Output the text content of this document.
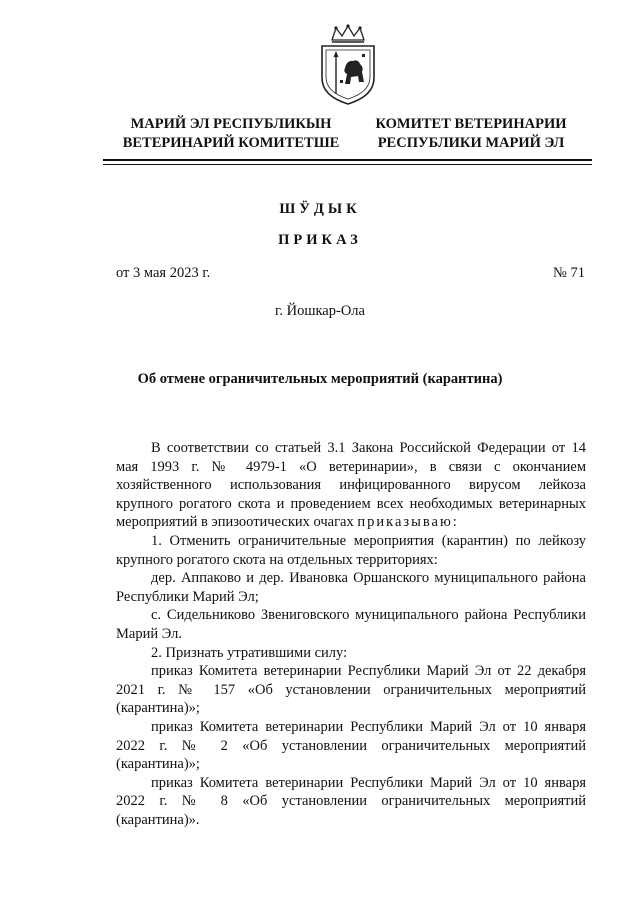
МАРИЙ ЭЛ РЕСПУБЛИКЫН
ВЕТЕРИНАРИЙ КОМИТЕТШЕ
КОМИТЕТ ВЕТЕРИНАРИИ
РЕСПУБЛИКИ МАРИЙ ЭЛ
ШӰДЫК
ПРИКАЗ
от 3 мая 2023 г.	№ 71
г. Йошкар-Ола
Об отмене ограничительных мероприятий (карантина)

В соответствии со статьей 3.1 Закона Российской Федерации от 14 мая 1993 г. № 4979-1 «О ветеринарии», в связи с окончанием хозяйственного использования инфицированного вирусом лейкоза крупного рогатого скота и проведением всех необходимых ветеринарных мероприятий в эпизоотических очагах приказываю:

1. Отменить ограничительные мероприятия (карантин) по лейкозу крупного рогатого скота на отдельных территориях:

дер. Аппаково и дер. Ивановка Оршанского муниципального района Республики Марий Эл;

с. Сидельниково Звениговского муниципального района Республики Марий Эл.

2. Признать утратившими силу:

приказ Комитета ветеринарии Республики Марий Эл от 22 декабря 2021 г. № 157 «Об установлении ограничительных мероприятий (карантина)»;

приказ Комитета ветеринарии Республики Марий Эл от 10 января 2022 г. № 2 «Об установлении ограничительных мероприятий (карантина)»;

приказ Комитета ветеринарии Республики Марий Эл от 10 января 2022 г. № 8 «Об установлении ограничительных мероприятий (карантина)».
